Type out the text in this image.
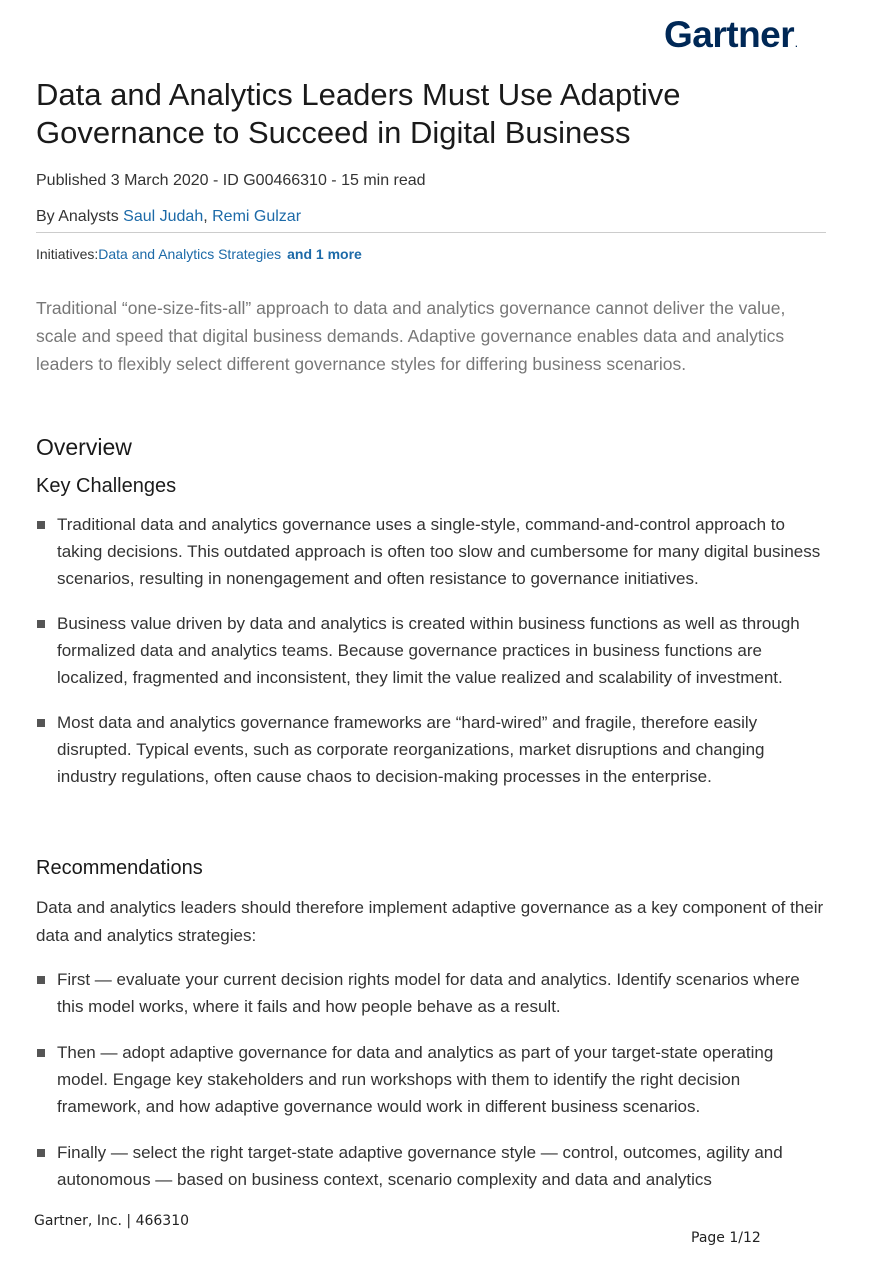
Gartner.
Data and Analytics Leaders Must Use Adaptive Governance to Succeed in Digital Business
Published 3 March 2020 - ID G00466310 - 15 min read
By Analysts Saul Judah, Remi Gulzar
Initiatives:Data and Analytics Strategies and 1 more

Traditional “one-size-fits-all” approach to data and analytics governance cannot deliver the value, scale and speed that digital business demands. Adaptive governance enables data and analytics leaders to flexibly select different governance styles for differing business scenarios.

Overview
Key Challenges
Traditional data and analytics governance uses a single-style, command-and-control approach to taking decisions. This outdated approach is often too slow and cumbersome for many digital business scenarios, resulting in nonengagement and often resistance to governance initiatives.
Business value driven by data and analytics is created within business functions as well as through formalized data and analytics teams. Because governance practices in business functions are localized, fragmented and inconsistent, they limit the value realized and scalability of investment.
Most data and analytics governance frameworks are “hard-wired” and fragile, therefore easily disrupted. Typical events, such as corporate reorganizations, market disruptions and changing industry regulations, often cause chaos to decision-making processes in the enterprise.
Recommendations

Data and analytics leaders should therefore implement adaptive governance as a key component of their data and analytics strategies:

First — evaluate your current decision rights model for data and analytics. Identify scenarios where this model works, where it fails and how people behave as a result.
Then — adopt adaptive governance for data and analytics as part of your target-state operating model. Engage key stakeholders and run workshops with them to identify the right decision framework, and how adaptive governance would work in different business scenarios.
Finally — select the right target-state adaptive governance style — control, outcomes, agility and autonomous — based on business context, scenario complexity and data and analytics
Gartner, Inc. | 466310
Page 1/12
